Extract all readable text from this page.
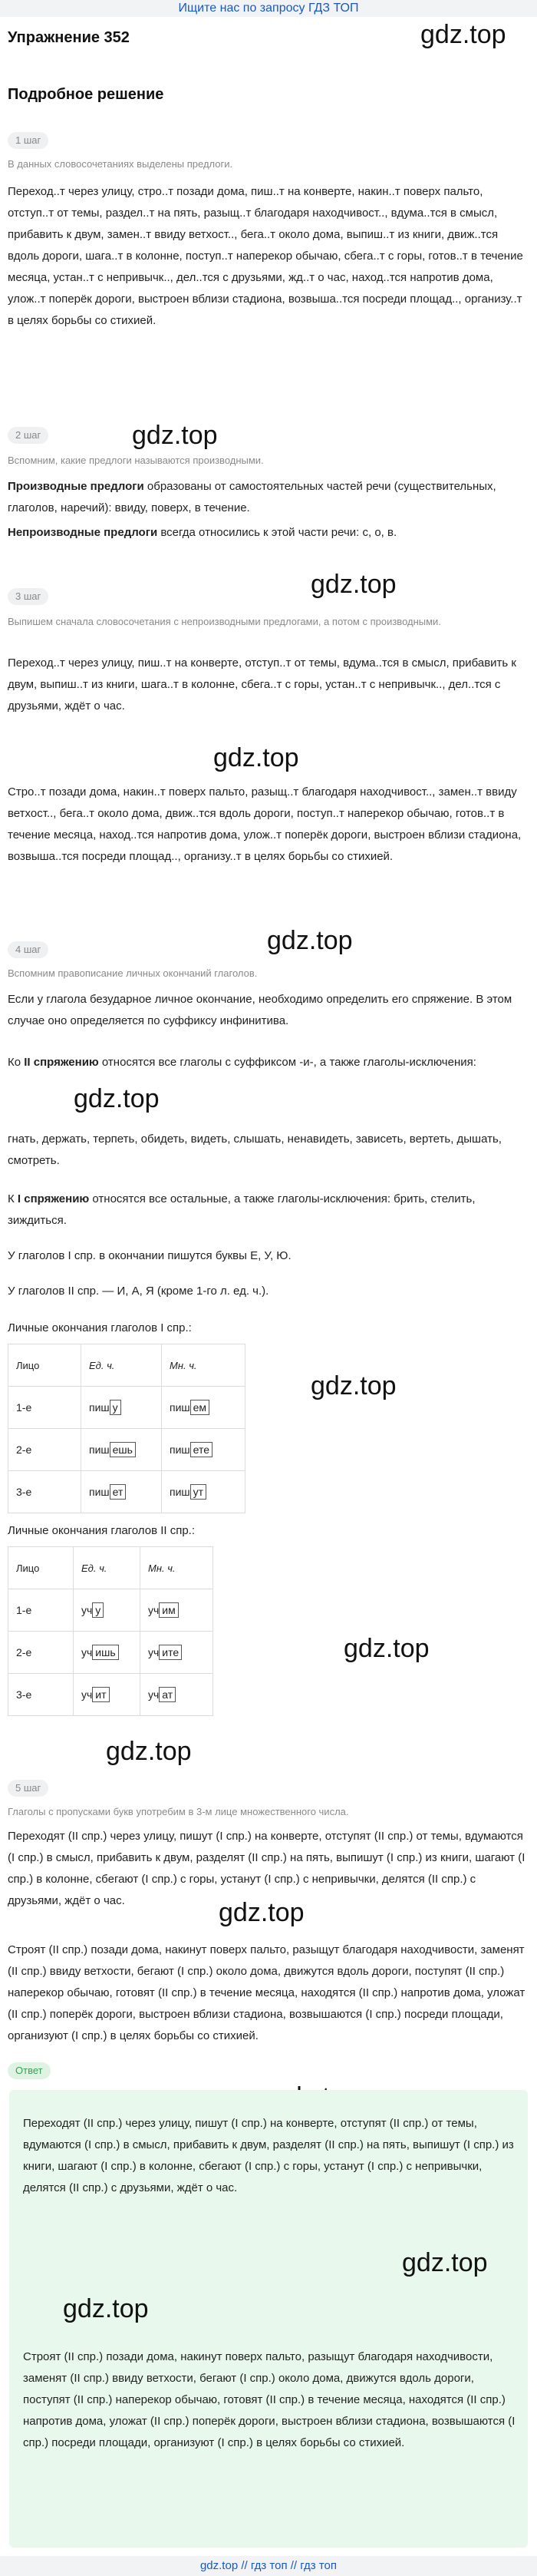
Ищите нас по запросу ГДЗ ТОП
Упражнение 352	gdz.top
Подробное решение
1 шаг
В данных словосочетаниях выделены предлоги.
Переход..т через улицу, стро..т позади дома, пиш..т на конверте, накин..т поверх пальто, отступ..т от темы, раздел..т на пять, разыщ..т благодаря находчивост.., вдума..тся в смысл, прибавить к двум, замен..т ввиду ветхост.., бега..т около дома, выпиш..т из книги, движ..тся вдоль дороги, шага..т в колонне, поступ..т наперекор обычаю, сбега..т с горы, готов..т в течение месяца, устан..т с непривычк.., дел..тся с друзьями, жд..т о час, наход..тся напротив дома, улож..т поперёк дороги, выстроен вблизи стадиона, возвыша..тся посреди площад.., организу..т в целях борьбы со стихией.
gdz.top
2 шаг
Вспомним, какие предлоги называются производными.
Производные предлоги образованы от самостоятельных частей речи (существительных, глаголов, наречий): ввиду, поверх, в течение.
Непроизводные предлоги всегда относились к этой части речи: с, о, в.
gdz.top
3 шаг
Выпишем сначала словосочетания с непроизводными предлогами, а потом с производными.
Переход..т через улицу, пиш..т на конверте, отступ..т от темы, вдума..тся в смысл, прибавить к двум, выпиш..т из книги, шага..т в колонне, сбега..т с горы, устан..т с непривычк.., дел..тся с друзьями, ждёт о час.
gdz.top
Стро..т позади дома, накин..т поверх пальто, разыщ..т благодаря находчивост.., замен..т ввиду ветхост.., бега..т около дома, движ..тся вдоль дороги, поступ..т наперекор обычаю, готов..т в течение месяца, наход..тся напротив дома, улож..т поперёк дороги, выстроен вблизи стадиона, возвыша..тся посреди площад.., организу..т в целях борьбы со стихией.
gdz.top
4 шаг
Вспомним правописание личных окончаний глаголов.
Если у глагола безударное личное окончание, необходимо определить его спряжение. В этом случае оно определяется по суффиксу инфинитива.
Ко II спряжению относятся все глаголы с суффиксом -и-, а также глаголы-исключения:
gdz.top
гнать, держать, терпеть, обидеть, видеть, слышать, ненавидеть, зависеть, вертеть, дышать, смотреть.
К I спряжению относятся все остальные, а также глаголы-исключения: брить, стелить, зиждиться.
У глаголов I спр. в окончании пишутся буквы Е, У, Ю.
У глаголов II спр. — И, А, Я (кроме 1-го л. ед. ч.).
Личные окончания глаголов I спр.:
Лицо	Ед. ч.	Мн. ч.
1-е	пиш у	пиш ем
2-е	пиш ешь	пиш ете
3-е	пиш ет	пиш ут
gdz.top
Личные окончания глаголов II спр.:
Лицо	Ед. ч.	Мн. ч.
1-е	уч у	уч им
2-е	уч ишь	уч ите
3-е	уч ит	уч ат
gdz.top
gdz.top
5 шаг
Глаголы с пропусками букв употребим в 3-м лице множественного числа.
Переходят (II спр.) через улицу, пишут (I спр.) на конверте, отступят (II спр.) от темы, вдумаются (I спр.) в смысл, прибавить к двум, разделят (II спр.) на пять, выпишут (I спр.) из книги, шагают (I спр.) в колонне, сбегают (I спр.) с горы, устанут (I спр.) с непривычки, делятся (II спр.) с друзьями, ждёт о час.	gdz.top
Строят (II спр.) позади дома, накинут поверх пальто, разыщут благодаря находчивости, заменят (II спр.) ввиду ветхости, бегают (I спр.) около дома, движутся вдоль дороги, поступят (II спр.) наперекор обычаю, готовят (II спр.) в течение месяца, находятся (II спр.) напротив дома, уложат (II спр.) поперёк дороги, выстроен вблизи стадиона, возвышаются (I спр.) посреди площади, организуют (I спр.) в целях борьбы со стихией.
Ответ
Переходят (II спр.) через улицу, пишут (I спр.) на конверте, отступят (II спр.) от темы, вдумаются (I спр.) в смысл, прибавить к двум, разделят (II спр.) на пять, выпишут (I спр.) из книги, шагают (I спр.) в колонне, сбегают (I спр.) с горы, устанут (I спр.) с непривычки, делятся (II спр.) с друзьями, ждёт о час.
gdz.top
gdz.top
Строят (II спр.) позади дома, накинут поверх пальто, разыщут благодаря находчивости, заменят (II спр.) ввиду ветхости, бегают (I спр.) около дома, движутся вдоль дороги, поступят (II спр.) наперекор обычаю, готовят (II спр.) в течение месяца, находятся (II спр.) напротив дома, уложат (II спр.) поперёк дороги, выстроен вблизи стадиона, возвышаются (I спр.) посреди площади, организуют (I спр.) в целях борьбы со стихией.
gdz.top // гдз топ // гдз топ
